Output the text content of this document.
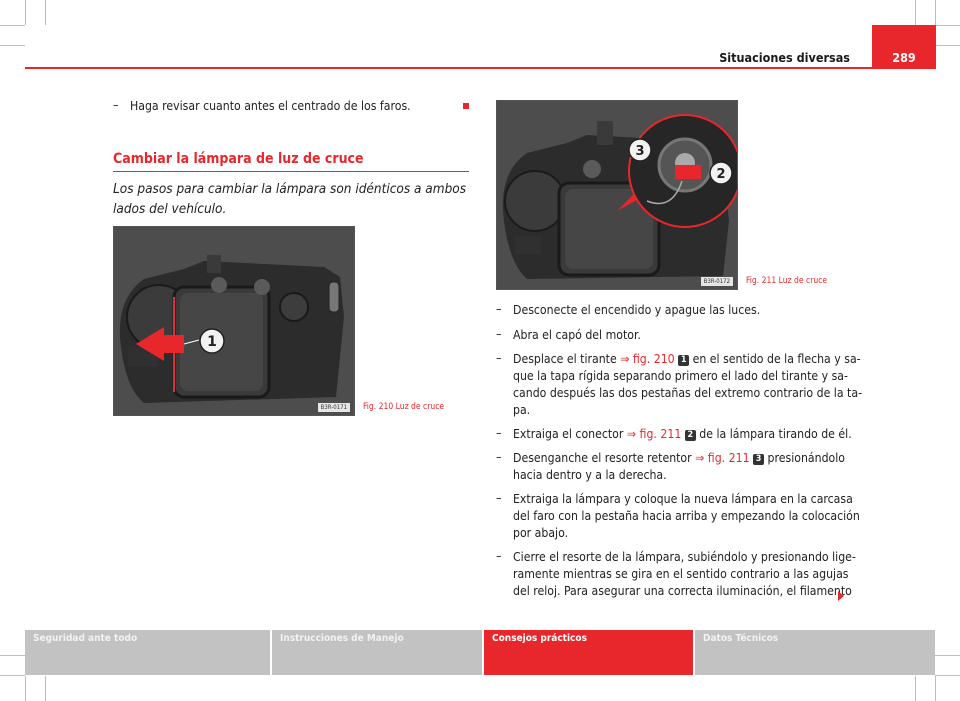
Situaciones diversas	289
– Haga revisar cuanto antes el centrado de los faros.
Cambiar la lámpara de luz de cruce
Los pasos para cambiar la lámpara son idénticos a ambos lados del vehículo.
1
B3R-0171	Fig. 210 Luz de cruce
3
2
B3R-0172	Fig. 211 Luz de cruce
– Desconecte el encendido y apague las luces.
– Abra el capó del motor.
– Desplace el tirante ⇒ fig. 210 1 en el sentido de la flecha y sa-
que la tapa rígida separando primero el lado del tirante y sa-
cando después las dos pestañas del extremo contrario de la ta-
pa.
– Extraiga el conector ⇒ fig. 211 2 de la lámpara tirando de él.
– Desenganche el resorte retentor ⇒ fig. 211 3 presionándolo
hacia dentro y a la derecha.
– Extraiga la lámpara y coloque la nueva lámpara en la carcasa
del faro con la pestaña hacia arriba y empezando la colocación
por abajo.
– Cierre el resorte de la lámpara, subiéndolo y presionando lige-
ramente mientras se gira en el sentido contrario a las agujas
del reloj. Para asegurar una correcta iluminación, el filamento
Seguridad ante todo	Instrucciones de Manejo	Consejos prácticos	Datos Técnicos
